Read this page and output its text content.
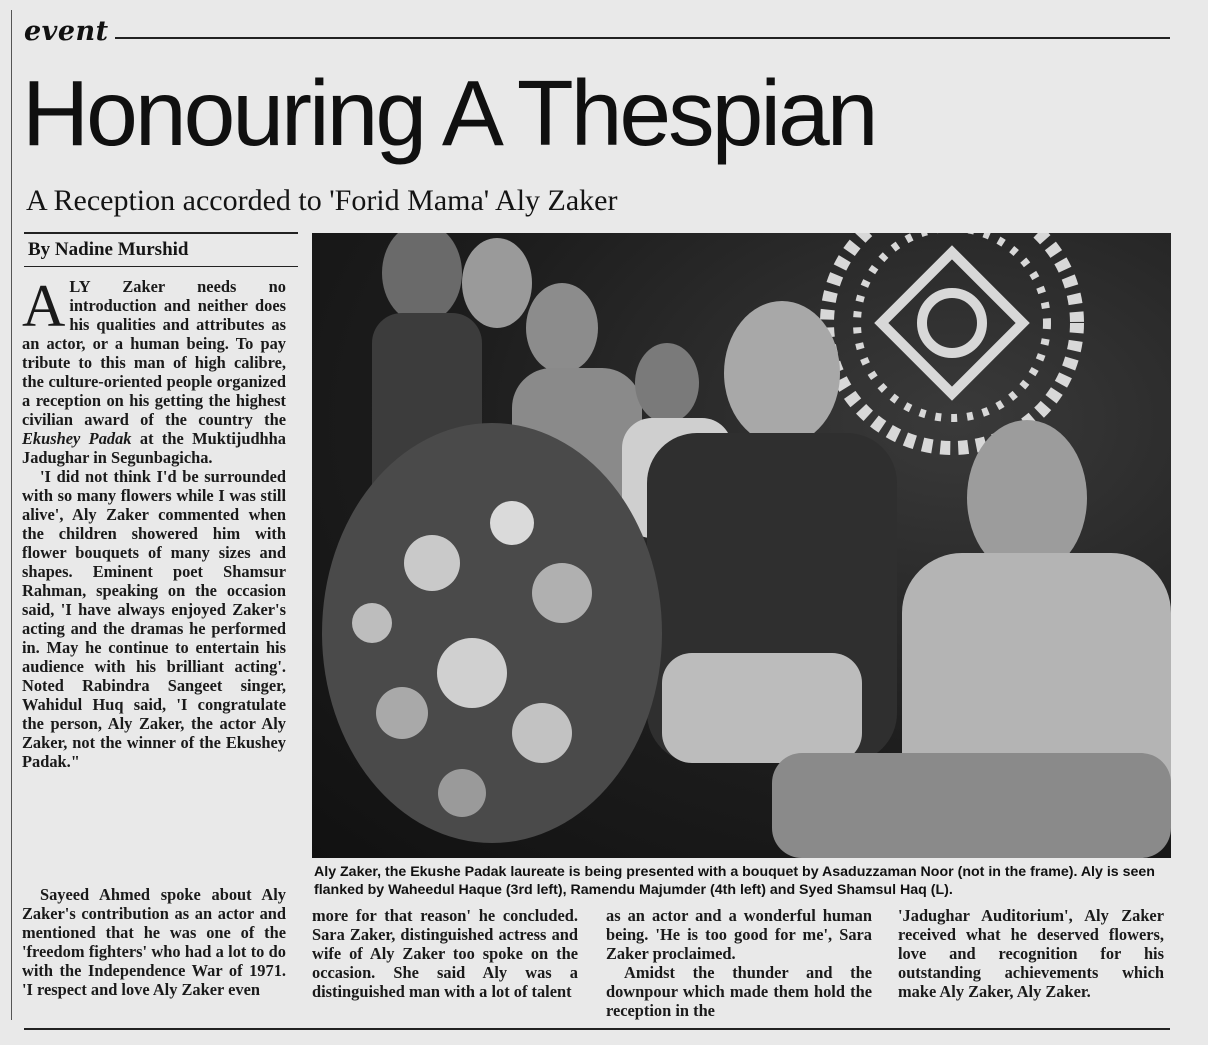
event
Honouring A Thespian
A Reception accorded to 'Forid Mama' Aly Zaker
By Nadine Murshid

ALY Zaker needs no introduction and neither does his qualities and attributes as an actor, or a human being. To pay tribute to this man of high calibre, the culture-oriented people organized a reception on his getting the highest civilian award of the country the Ekushey Padak at the Muktijudhha Jadughar in Segunbagicha.

'I did not think I'd be surrounded with so many flowers while I was still alive', Aly Zaker commented when the children showered him with flower bouquets of many sizes and shapes. Eminent poet Shamsur Rahman, speaking on the occasion said, 'I have always enjoyed Zaker's acting and the dramas he performed in. May he continue to entertain his audience with his brilliant acting'. Noted Rabindra Sangeet singer, Wahidul Huq said, 'I congratulate the person, Aly Zaker, the actor Aly Zaker, not the winner of the Ekushey Padak."

Sayeed Ahmed spoke about Aly Zaker's contribution as an actor and mentioned that he was one of the 'freedom fighters' who had a lot to do with the Independence War of 1971. 'I respect and love Aly Zaker even

Aly Zaker, the Ekushe Padak laureate is being presented with a bouquet by Asaduzzaman Noor (not in the frame). Aly is seen flanked by Waheedul Haque (3rd left), Ramendu Majumder (4th left) and Syed Shamsul Haq (L).

more for that reason' he concluded. Sara Zaker, distinguished actress and wife of Aly Zaker too spoke on the occasion. She said Aly was a distinguished man with a lot of talent

as an actor and a wonderful human being. 'He is too good for me', Sara Zaker proclaimed.

Amidst the thunder and the downpour which made them hold the reception in the

'Jadughar Auditorium', Aly Zaker received what he deserved flowers, love and recognition for his outstanding achievements which make Aly Zaker, Aly Zaker.
